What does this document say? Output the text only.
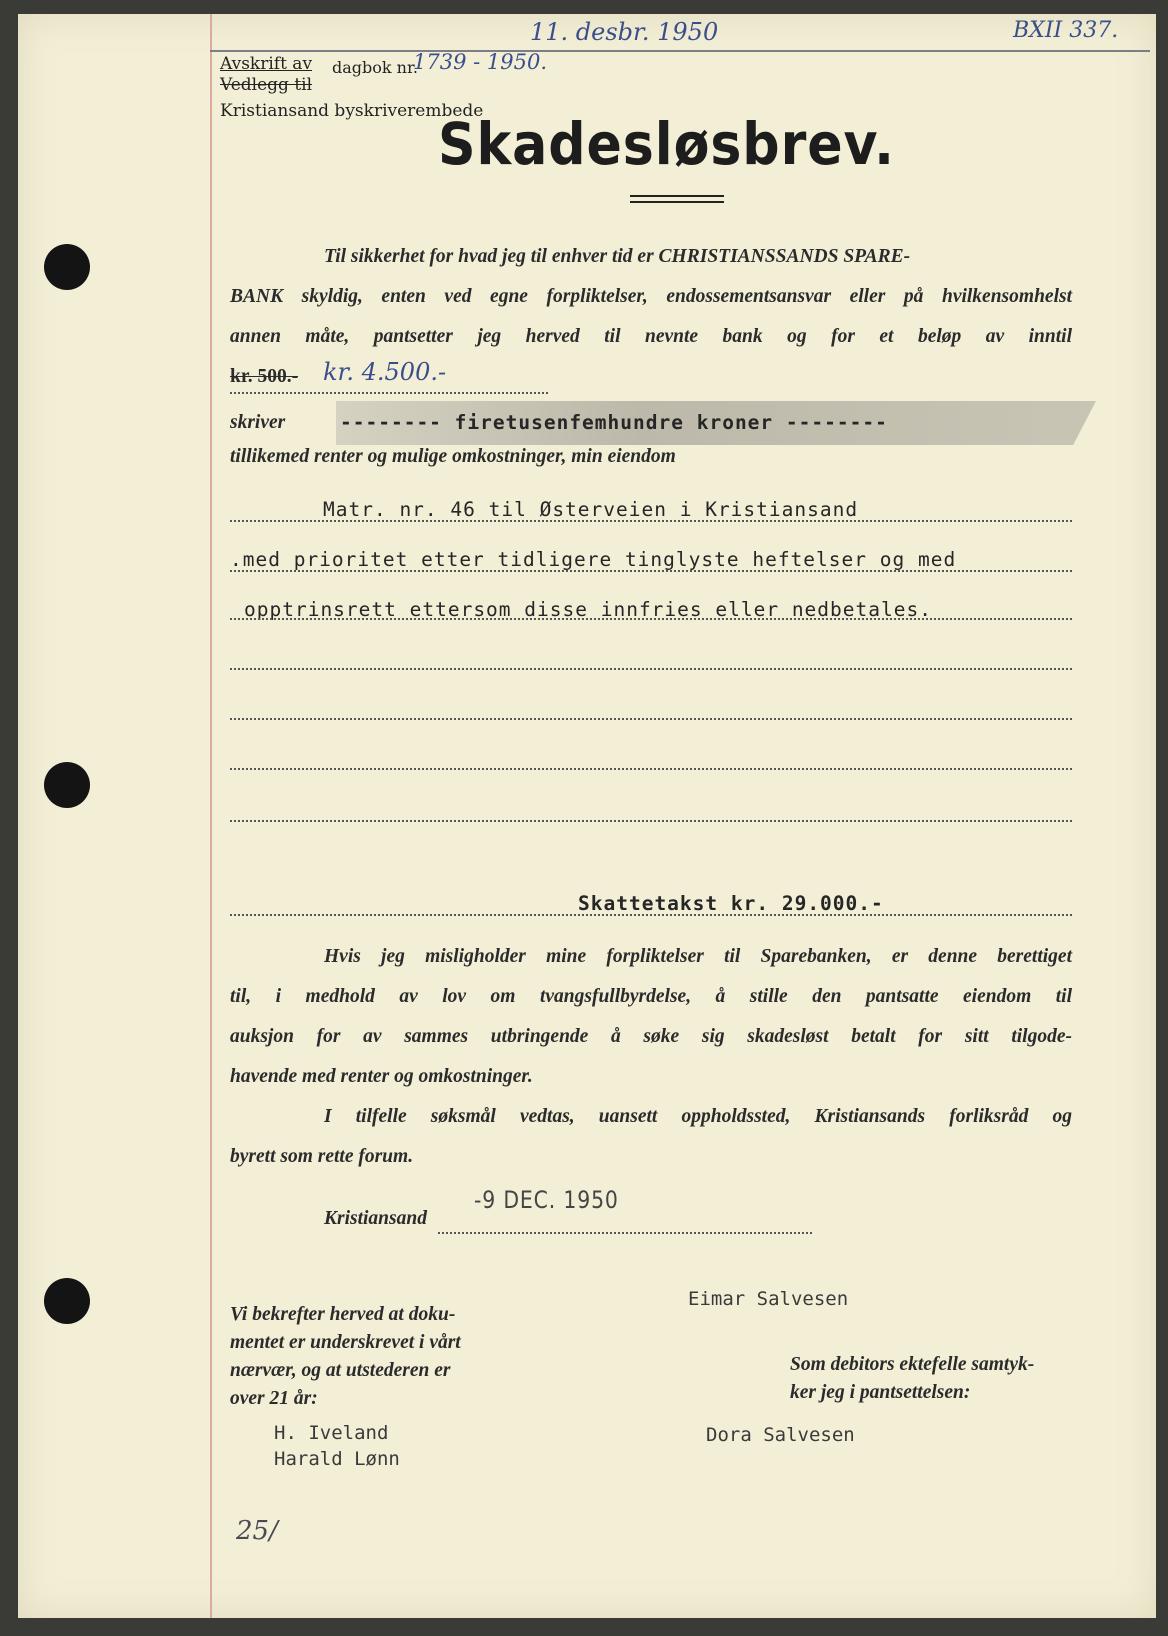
11. desbr. 1950	BXII 337.
Avskrift av dagbok nr.
1739 - 1950.
Vedlegg til
Kristiansand byskriverembede
Skadesløsbrev.
Til sikkerhet for hvad jeg til enhver tid er CHRISTIANSSANDS SPARE-
BANK skyldig, enten ved egne forpliktelser, endossementsansvar eller på hvilkensomhelst
annen måte, pantsetter jeg herved til nevnte bank og for et beløp av inntil
kr. 500.- kr. 4.500.-
skriver	-------- firetusenfemhundre kroner --------
tillikemed renter og mulige omkostninger, min eiendom
Matr. nr. 46 til Østerveien i Kristiansand
.med prioritet etter tidligere tinglyste heftelser og med
opptrinsrett ettersom disse innfries eller nedbetales.
Skattetakst kr. 29.000.-
Hvis jeg misligholder mine forpliktelser til Sparebanken, er denne berettiget
til, i medhold av lov om tvangsfullbyrdelse, å stille den pantsatte eiendom til
auksjon for av sammes utbringende å søke sig skadesløst betalt for sitt tilgode-
havende med renter og omkostninger.
I tilfelle søksmål vedtas, uansett oppholdssted, Kristiansands forliksråd og
byrett som rette forum.
Kristiansand
-9 DEC. 1950
Eimar Salvesen
Vi bekrefter herved at doku-
mentet er underskrevet i vårt
nærvær, og at utstederen er
over 21 år:
H. Iveland
Harald Lønn
25/
Som debitors ektefelle samtyk-
ker jeg i pantsettelsen:
Dora Salvesen
